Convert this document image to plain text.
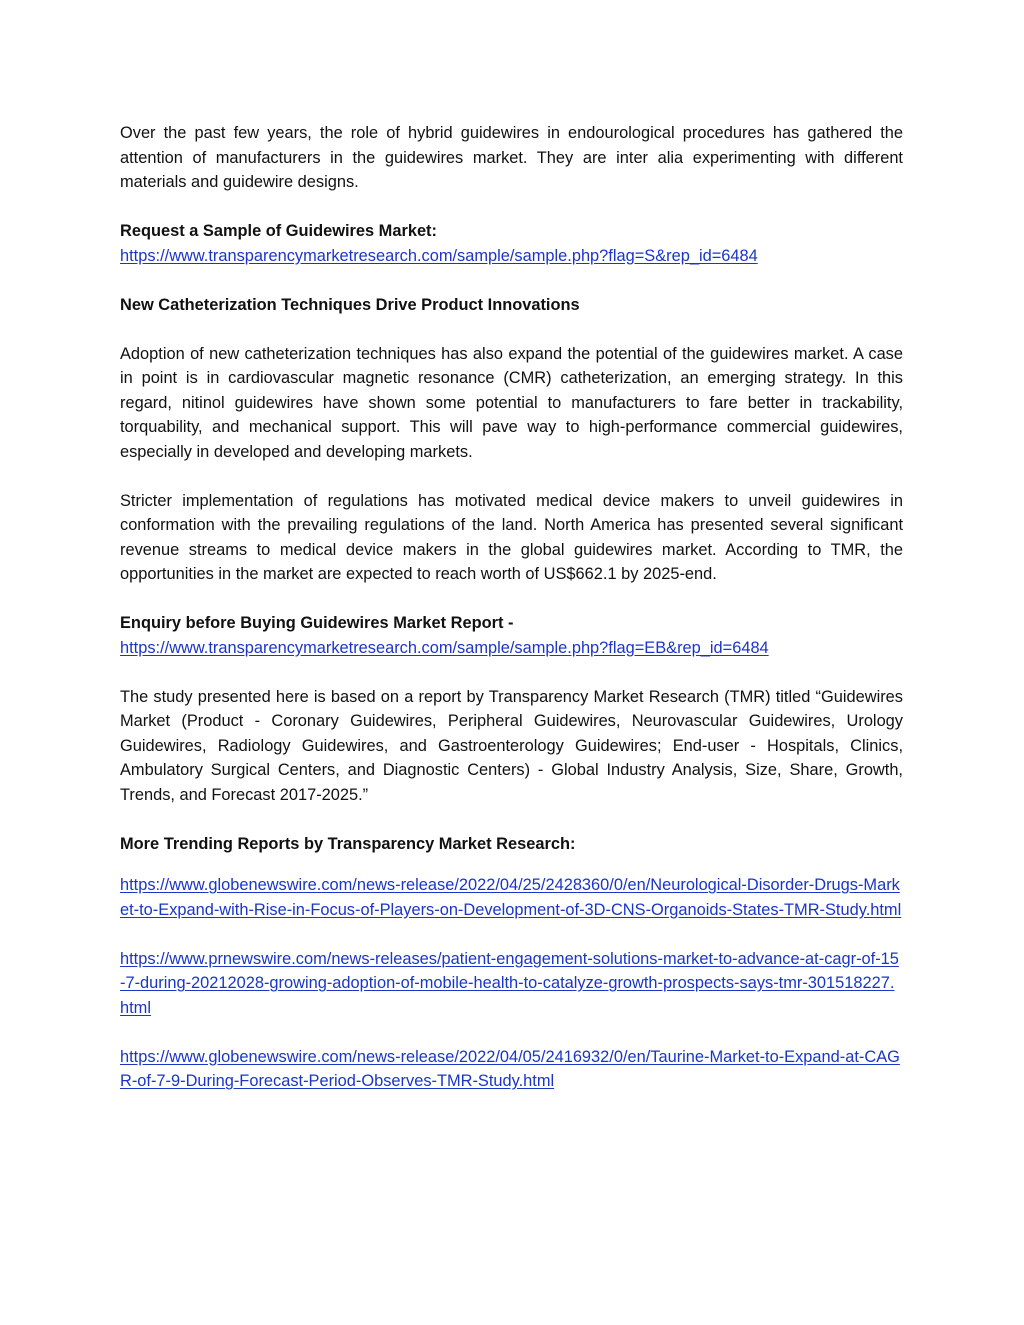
Over the past few years, the role of hybrid guidewires in endourological procedures has gathered the attention of manufacturers in the guidewires market. They are inter alia experimenting with different materials and guidewire designs.

Request a Sample of Guidewires Market:
https://www.transparencymarketresearch.com/sample/sample.php?flag=S&rep_id=6484

New Catheterization Techniques Drive Product Innovations

Adoption of new catheterization techniques has also expand the potential of the guidewires market. A case in point is in cardiovascular magnetic resonance (CMR) catheterization, an emerging strategy. In this regard, nitinol guidewires have shown some potential to manufacturers to fare better in trackability, torquability, and mechanical support. This will pave way to high-performance commercial guidewires, especially in developed and developing markets.

Stricter implementation of regulations has motivated medical device makers to unveil guidewires in conformation with the prevailing regulations of the land. North America has presented several significant revenue streams to medical device makers in the global guidewires market. According to TMR, the opportunities in the market are expected to reach worth of US$662.1 by 2025-end.

Enquiry before Buying Guidewires Market Report -
https://www.transparencymarketresearch.com/sample/sample.php?flag=EB&rep_id=6484

The study presented here is based on a report by Transparency Market Research (TMR) titled “Guidewires Market (Product - Coronary Guidewires, Peripheral Guidewires, Neurovascular Guidewires, Urology Guidewires, Radiology Guidewires, and Gastroenterology Guidewires; End-user - Hospitals, Clinics, Ambulatory Surgical Centers, and Diagnostic Centers) - Global Industry Analysis, Size, Share, Growth, Trends, and Forecast 2017-2025.”

More Trending Reports by Transparency Market Research:

https://www.globenewswire.com/news-release/2022/04/25/2428360/0/en/Neurological-Disorder-Drugs-Market-to-Expand-with-Rise-in-Focus-of-Players-on-Development-of-3D-CNS-Organoids-States-TMR-Study.html

https://www.prnewswire.com/news-releases/patient-engagement-solutions-market-to-advance-at-cagr-of-15-7-during-20212028-growing-adoption-of-mobile-health-to-catalyze-growth-prospects-says-tmr-301518227.html

https://www.globenewswire.com/news-release/2022/04/05/2416932/0/en/Taurine-Market-to-Expand-at-CAGR-of-7-9-During-Forecast-Period-Observes-TMR-Study.html
